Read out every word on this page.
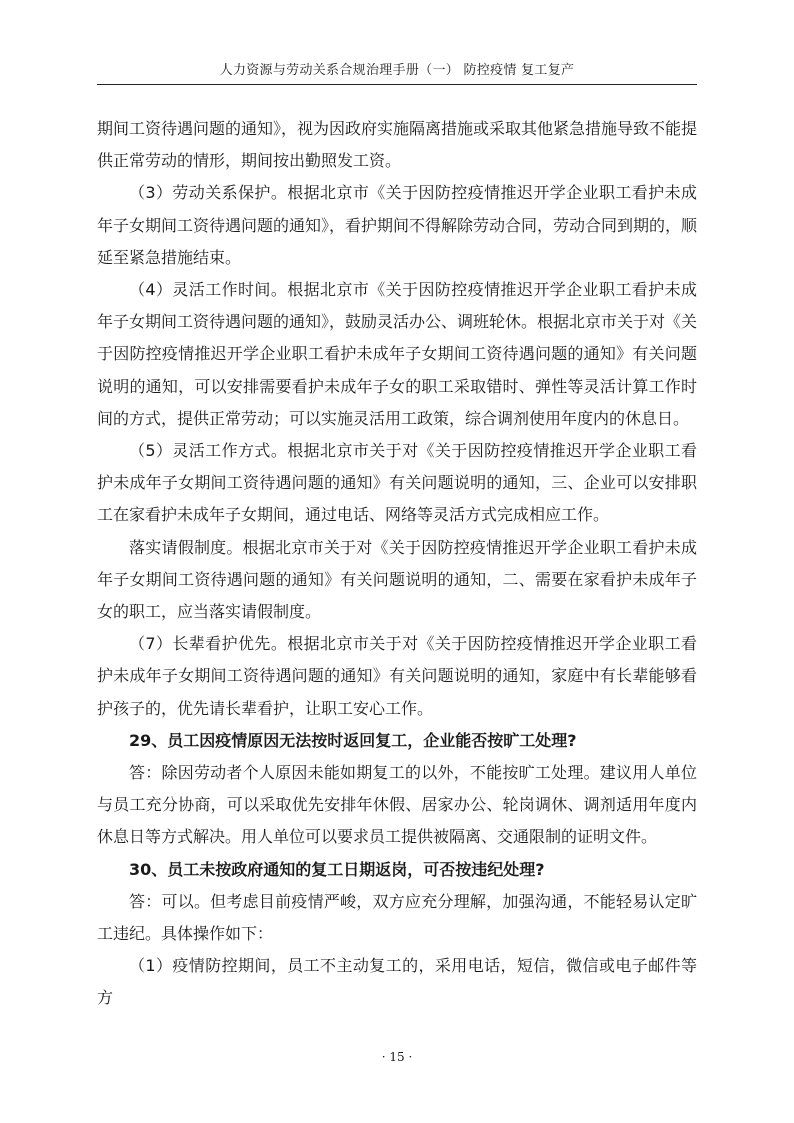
人力资源与劳动关系合规治理手册（一） 防控疫情 复工复产

期间工资待遇问题的通知》，视为因政府实施隔离措施或采取其他紧急措施导致不能提供正常劳动的情形，期间按出勤照发工资。

（3）劳动关系保护。根据北京市《关于因防控疫情推迟开学企业职工看护未成年子女期间工资待遇问题的通知》，看护期间不得解除劳动合同，劳动合同到期的，顺延至紧急措施结束。

（4）灵活工作时间。根据北京市《关于因防控疫情推迟开学企业职工看护未成年子女期间工资待遇问题的通知》，鼓励灵活办公、调班轮休。根据北京市关于对《关于因防控疫情推迟开学企业职工看护未成年子女期间工资待遇问题的通知》有关问题说明的通知，可以安排需要看护未成年子女的职工采取错时、弹性等灵活计算工作时间的方式，提供正常劳动；可以实施灵活用工政策，综合调剂使用年度内的休息日。

（5）灵活工作方式。根据北京市关于对《关于因防控疫情推迟开学企业职工看护未成年子女期间工资待遇问题的通知》有关问题说明的通知，三、企业可以安排职工在家看护未成年子女期间，通过电话、网络等灵活方式完成相应工作。

落实请假制度。根据北京市关于对《关于因防控疫情推迟开学企业职工看护未成年子女期间工资待遇问题的通知》有关问题说明的通知，二、需要在家看护未成年子女的职工，应当落实请假制度。

（7）长辈看护优先。根据北京市关于对《关于因防控疫情推迟开学企业职工看护未成年子女期间工资待遇问题的通知》有关问题说明的通知，家庭中有长辈能够看护孩子的，优先请长辈看护，让职工安心工作。

29、员工因疫情原因无法按时返回复工，企业能否按旷工处理?

答：除因劳动者个人原因未能如期复工的以外，不能按旷工处理。建议用人单位与员工充分协商，可以采取优先安排年休假、居家办公、轮岗调休、调剂适用年度内休息日等方式解决。用人单位可以要求员工提供被隔离、交通限制的证明文件。

30、员工未按政府通知的复工日期返岗，可否按违纪处理?

答：可以。但考虑目前疫情严峻，双方应充分理解，加强沟通，不能轻易认定旷工违纪。具体操作如下：

（1）疫情防控期间，员工不主动复工的，采用电话，短信，微信或电子邮件等方

· 15 ·
